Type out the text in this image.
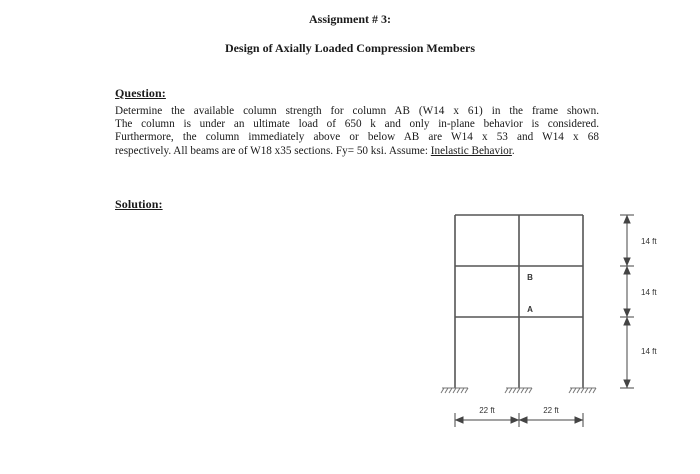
Assignment # 3:
Design of Axially Loaded Compression Members
Question:
Determine the available column strength for column AB (W14 x 61) in the frame shown.
The column is under an ultimate load of 650 k and only in-plane behavior is considered.
Furthermore, the column immediately above or below AB are W14 x 53 and W14 x 68
respectively. All beams are of W18 x35 sections. Fy= 50 ksi. Assume: Inelastic Behavior.
Solution:
B
A
14 ft
14 ft
14 ft
22 ft	22 ft
